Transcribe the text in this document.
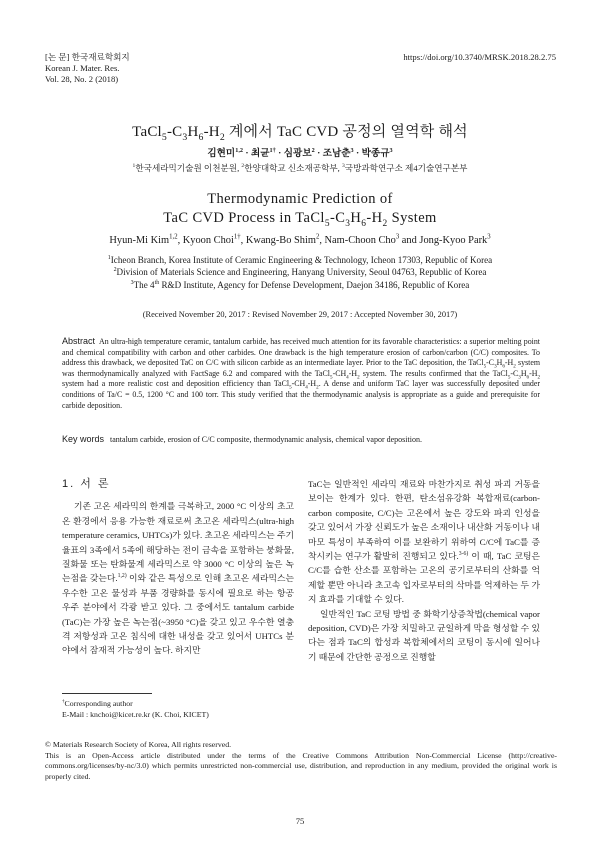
[논 문] 한국재료학회지
Korean J. Mater. Res.
Vol. 28, No. 2 (2018)
https://doi.org/10.3740/MRSK.2018.28.2.75
$TaCl_5-C_3H_6-H_2$ 계에서 TaC CVD 공정의 열역학 해석
김현미$^{1,2}$ · 최균$^{1\dagger}$ · 심광보$^2$ · 조남춘$^3$ · 박종규$^3$
$^1$한국세라믹기술원 이천분원, $^2$한양대학교 신소재공학부, $^3$국방과학연구소 제4기술연구본부
Thermodynamic Prediction of
TaC CVD Process in $TaCl_5-C_3H_6-H_2$ System
Hyun-Mi Kim$^{1,2}$, Kyoon Choi$^{1\dagger}$, Kwang-Bo Shim$^2$, Nam-Choon Cho$^3$ and Jong-Kyoo Park$^3$
$^1$Icheon Branch, Korea Institute of Ceramic Engineering & Technology, Icheon 17303, Republic of Korea
$^2$Division of Materials Science and Engineering, Hanyang University, Seoul 04763, Republic of Korea
$^3$The 4th R&D Institute, Agency for Defense Development, Daejon 34186, Republic of Korea
(Received November 20, 2017 : Revised November 29, 2017 : Accepted November 30, 2017)
Abstract An ultra-high temperature ceramic, tantalum carbide, has received much attention for its favorable characteristics: a superior melting point and chemical compatibility with carbon and other carbides. One drawback is the high temperature erosion of carbon/carbon (C/C) composites. To address this drawback, we deposited TaC on C/C with silicon carbide as an intermediate layer. Prior to the TaC deposition, the $TaCl_5-C_3H_6-H_2$ system was thermodynamically analyzed with FactSage 6.2 and compared with the $TaCl_5-CH_4-H_2$ system. The results confirmed that the $TaCl_5-C_3H_6-H_2$ system had a more realistic cost and deposition efficiency than $TaCl_5-CH_4-H_2$. A dense and uniform TaC layer was successfully deposited under conditions of Ta/C = 0.5, 1200 °C and 100 torr. This study verified that the thermodynamic analysis is appropriate as a guide and prerequisite for carbide deposition.
Key words tantalum carbide, erosion of C/C composite, thermodynamic analysis, chemical vapor deposition.
1. 서 론

기존 고온 세라믹의 한계를 극복하고, 2000 °C 이상의 초고온 환경에서 응용 가능한 재료로써 초고온 세라믹스(ultra-high temperature ceramics, UHTCs)가 있다. 초고온 세라믹스는 주기율표의 3족에서 5족에 해당하는 전이 금속을 포함하는 붕화물, 질화물 또는 탄화물계 세라믹스로 약 3000 °C 이상의 높은 녹는점을 갖는다.$^{1,2)}$ 이와 같은 특성으로 인해 초고온 세라믹스는 우수한 고온 물성과 부품 경량화를 동시에 필요로 하는 항공 우주 분야에서 각광 받고 있다. 그 중에서도 tantalum carbide (TaC)는 가장 높은 녹는점(~3950 °C)을 갖고 있고 우수한 열충격 저항성과 고온 침식에 대한 내성을 갖고 있어서 UHTCs 분야에서 잠재적 가능성이 높다. 하지만

TaC는 일반적인 세라믹 재료와 마찬가지로 취성 파괴 거동을 보이는 한계가 있다. 한편, 탄소섬유강화 복합재료(carbon-carbon composite, C/C)는 고온에서 높은 강도와 파괴 인성을 갖고 있어서 가장 신뢰도가 높은 소재이나 내산화 거동이나 내마모 특성이 부족하여 이를 보완하기 위하여 C/C에 TaC를 증착시키는 연구가 활발히 진행되고 있다.$^{3-6)}$ 이 때, TaC 코팅은 C/C를 습한 산소를 포함하는 고온의 공기로부터의 산화를 억제할 뿐만 아니라 초고속 입자로부터의 삭마를 억제하는 두 가지 효과를 기대할 수 있다.

일반적인 TaC 코팅 방법 중 화학기상증착법(chemical vapor deposition, CVD)은 가장 치밀하고 균일하게 막을 형성할 수 있다는 점과 TaC의 합성과 복합체에서의 코팅이 동시에 일어나기 때문에 간단한 공정으로 진행할

†Corresponding author
E-Mail : knchoi@kicet.re.kr (K. Choi, KICET)

© Materials Research Society of Korea, All rights reserved.

This is an Open-Access article distributed under the terms of the Creative Commons Attribution Non-Commercial License (http://creative-commons.org/licenses/by-nc/3.0) which permits unrestricted non-commercial use, distribution, and reproduction in any medium, provided the original work is properly cited.

75
